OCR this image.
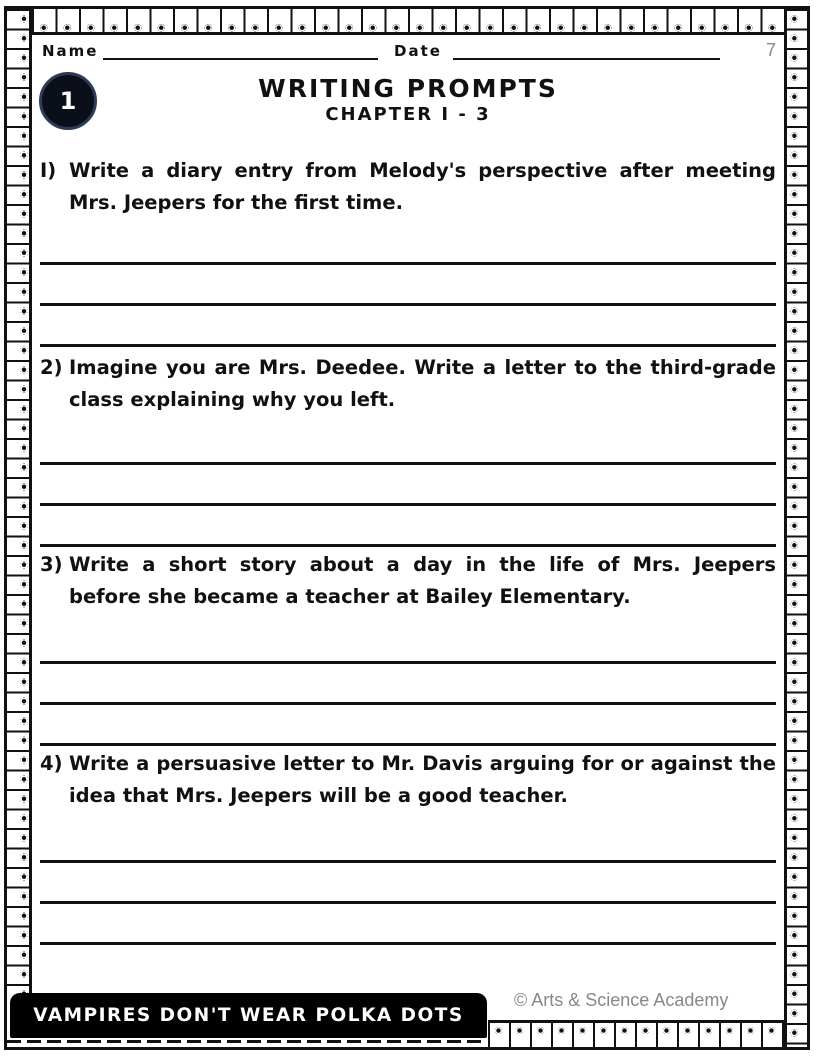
Name	Date	7
1	WRITING PROMPTS
CHAPTER I - 3
I) Write a diary entry from Melody's perspective after meeting Mrs. Jeepers for the first time.
2) Imagine you are Mrs. Deedee. Write a letter to the third-grade class explaining why you left.
3) Write a short story about a day in the life of Mrs. Jeepers before she became a teacher at Bailey Elementary.
4) Write a persuasive letter to Mr. Davis arguing for or against the idea that Mrs. Jeepers will be a good teacher.
© Arts & Science Academy
VAMPIRES DON'T WEAR POLKA DOTS
